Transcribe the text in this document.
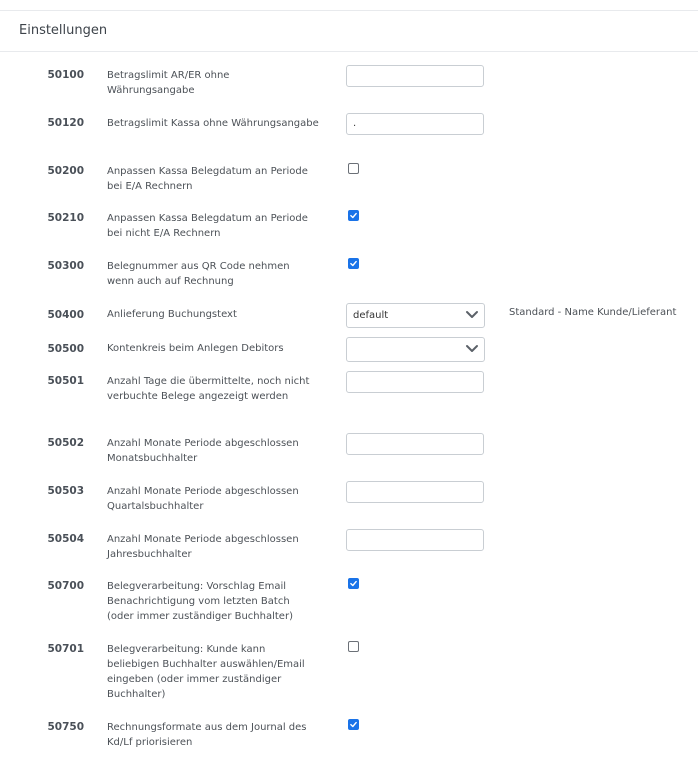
Einstellungen
50100 Betragslimit AR/ER ohne Währungsangabe
50120 Betragslimit Kassa ohne Währungsangabe	.
50200 Anpassen Kassa Belegdatum an Periode bei E/A Rechnern
50210 Anpassen Kassa Belegdatum an Periode bei nicht E/A Rechnern
50300 Belegnummer aus QR Code nehmen wenn auch auf Rechnung
50400 Anlieferung Buchungstext	default	Standard - Name Kunde/Lieferant
50500 Kontenkreis beim Anlegen Debitors
50501 Anzahl Tage die übermittelte, noch nicht verbuchte Belege angezeigt werden
50502 Anzahl Monate Periode abgeschlossen Monatsbuchhalter
50503 Anzahl Monate Periode abgeschlossen Quartalsbuchhalter
50504 Anzahl Monate Periode abgeschlossen Jahresbuchhalter
50700 Belegverarbeitung: Vorschlag Email Benachrichtigung vom letzten Batch (oder immer zuständiger Buchhalter)
50701 Belegverarbeitung: Kunde kann beliebigen Buchhalter auswählen/Email eingeben (oder immer zuständiger Buchhalter)
50750 Rechnungsformate aus dem Journal des Kd/Lf priorisieren
